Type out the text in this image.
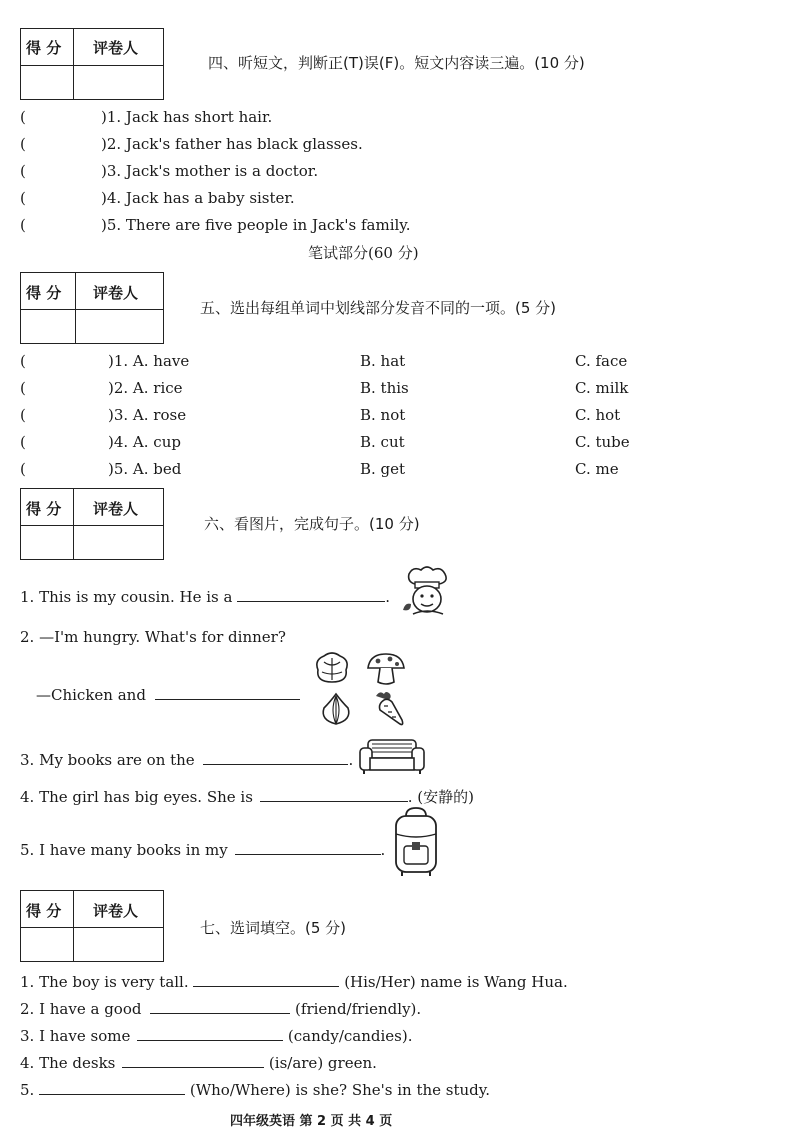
得 分 评卷人
四、听短文，判断正(T)误(F)。短文内容读三遍。(10 分)
(	)1. Jack has short hair.
(	)2. Jack's father has black glasses.
(	)3. Jack's mother is a doctor.
(	)4. Jack has a baby sister.
(	)5. There are five people in Jack's family.
笔试部分(60 分)
得 分 评卷人
五、选出每组单词中划线部分发音不同的一项。(5 分)
(	)1. A. have	B. hat	C. face
(	)2. A. rice	B. this	C. milk
(	)3. A. rose	B. not	C. hot
(	)4. A. cup	B. cut	C. tube
(	)5. A. bed	B. get	C. me
得 分 评卷人
六、看图片，完成句子。(10 分)
1. This is my cousin. He is a	.
2. —I'm hungry. What's for dinner?
—Chicken and
3. My books are on the	.
4. The girl has big eyes. She is	. (安静的)
5. I have many books in my	.
得 分 评卷人
七、选词填空。(5 分)
1. The boy is very tall.	(His/Her) name is Wang Hua.
2. I have a good	(friend/friendly).
3. I have some	(candy/candies).
4. The desks	(is/are) green.
5.	(Who/Where) is she? She's in the study.
四年级英语 第 2 页 共 4 页
